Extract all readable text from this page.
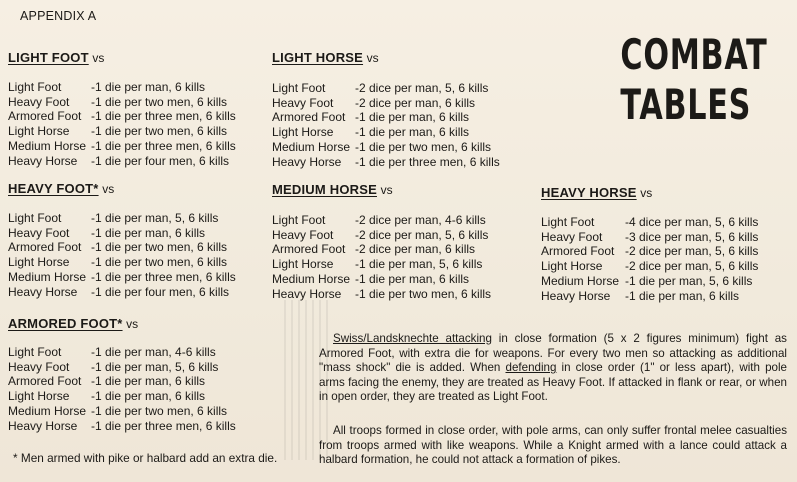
APPENDIX A
COMBAT
TABLES
LIGHT FOOT vs
Light Foot	-1 die per man, 6 kills
Heavy Foot	-1 die per two men, 6 kills
Armored Foot -1 die per three men, 6 kills
Light Horse	-1 die per two men, 6 kills
Medium Horse -1 die per three men, 6 kills
Heavy Horse	-1 die per four men, 6 kills
HEAVY FOOT* vs
Light Foot	-1 die per man, 5, 6 kills
Heavy Foot	-1 die per man, 6 kills
Armored Foot -1 die per two men, 6 kills
Light Horse	-1 die per two men, 6 kills
Medium Horse -1 die per three men, 6 kills
Heavy Horse	-1 die per four men, 6 kills
ARMORED FOOT* vs
Light Foot	-1 die per man, 4-6 kills
Heavy Foot	-1 die per man, 5, 6 kills
Armored Foot -1 die per man, 6 kills
Light Horse	-1 die per man, 6 kills
Medium Horse -1 die per two men, 6 kills
Heavy Horse	-1 die per three men, 6 kills
LIGHT HORSE vs
Light Foot	-2 dice per man, 5, 6 kills
Heavy Foot	-2 dice per man, 6 kills
Armored Foot -1 die per man, 6 kills
Light Horse	-1 die per man, 6 kills
Medium Horse -1 die per two men, 6 kills
Heavy Horse	-1 die per three men, 6 kills
MEDIUM HORSE vs
Light Foot	-2 dice per man, 4-6 kills
Heavy Foot	-2 dice per man, 5, 6 kills
Armored Foot -2 dice per man, 6 kills
Light Horse	-1 die per man, 5, 6 kills
Medium Horse -1 die per man, 6 kills
Heavy Horse	-1 die per two men, 6 kills
HEAVY HORSE vs
Light Foot	-4 dice per man, 5, 6 kills
Heavy Foot	-3 dice per man, 5, 6 kills
Armored Foot -2 dice per man, 5, 6 kills
Light Horse	-2 dice per man, 5, 6 kills
Medium Horse -1 die per man, 5, 6 kills
Heavy Horse	-1 die per man, 6 kills
Swiss/Landsknechte attacking in close formation (5 x 2 figures minimum) fight as Armored Foot, with extra die for weapons. For every two men so attacking as additional "mass shock" die is added. When defending in close order (1" or less apart), with pole arms facing the enemy, they are treated as Heavy Foot. If attacked in flank or rear, or when in open order, they are treated as Light Foot.
All troops formed in close order, with pole arms, can only suffer frontal melee casualties from troops armed with like weapons. While a Knight armed with a lance could attack a halbard formation, he could not attack a formation of pikes.
* Men armed with pike or halbard add an extra die.
